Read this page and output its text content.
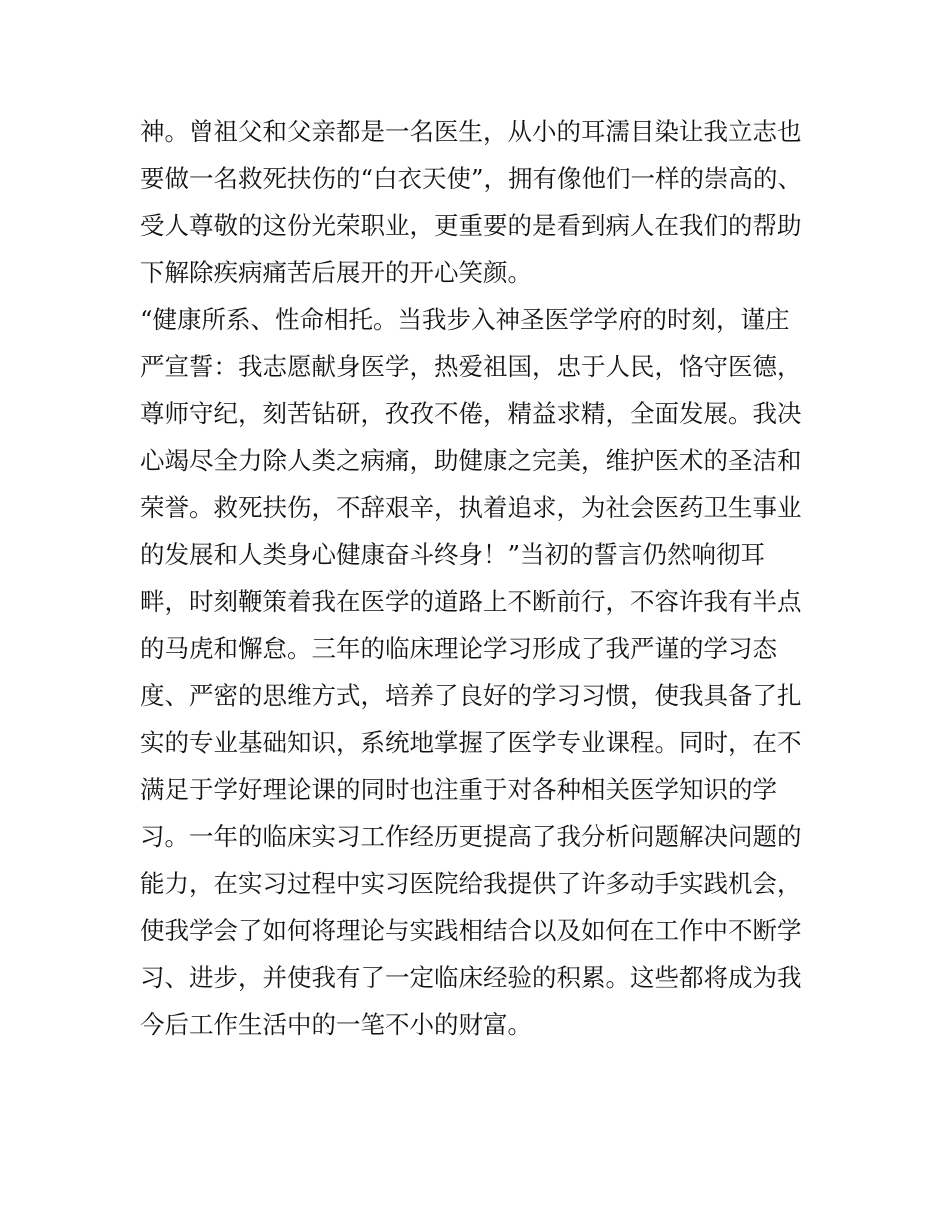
神。曾祖父和父亲都是一名医生，从小的耳濡目染让我立志也
要做一名救死扶伤的“白衣天使”，拥有像他们一样的崇高的、
受人尊敬的这份光荣职业，更重要的是看到病人在我们的帮助
下解除疾病痛苦后展开的开心笑颜。
“健康所系、性命相托。当我步入神圣医学学府的时刻，谨庄
严宣誓：我志愿献身医学，热爱祖国，忠于人民，恪守医德，
尊师守纪，刻苦钻研，孜孜不倦，精益求精，全面发展。我决
心竭尽全力除人类之病痛，助健康之完美，维护医术的圣洁和
荣誉。救死扶伤，不辞艰辛，执着追求，为社会医药卫生事业
的发展和人类身心健康奋斗终身！”当初的誓言仍然响彻耳
畔，时刻鞭策着我在医学的道路上不断前行，不容许我有半点
的马虎和懈怠。三年的临床理论学习形成了我严谨的学习态
度、严密的思维方式，培养了良好的学习习惯，使我具备了扎
实的专业基础知识，系统地掌握了医学专业课程。同时，在不
满足于学好理论课的同时也注重于对各种相关医学知识的学
习。一年的临床实习工作经历更提高了我分析问题解决问题的
能力，在实习过程中实习医院给我提供了许多动手实践机会，
使我学会了如何将理论与实践相结合以及如何在工作中不断学
习、进步，并使我有了一定临床经验的积累。这些都将成为我
今后工作生活中的一笔不小的财富。
